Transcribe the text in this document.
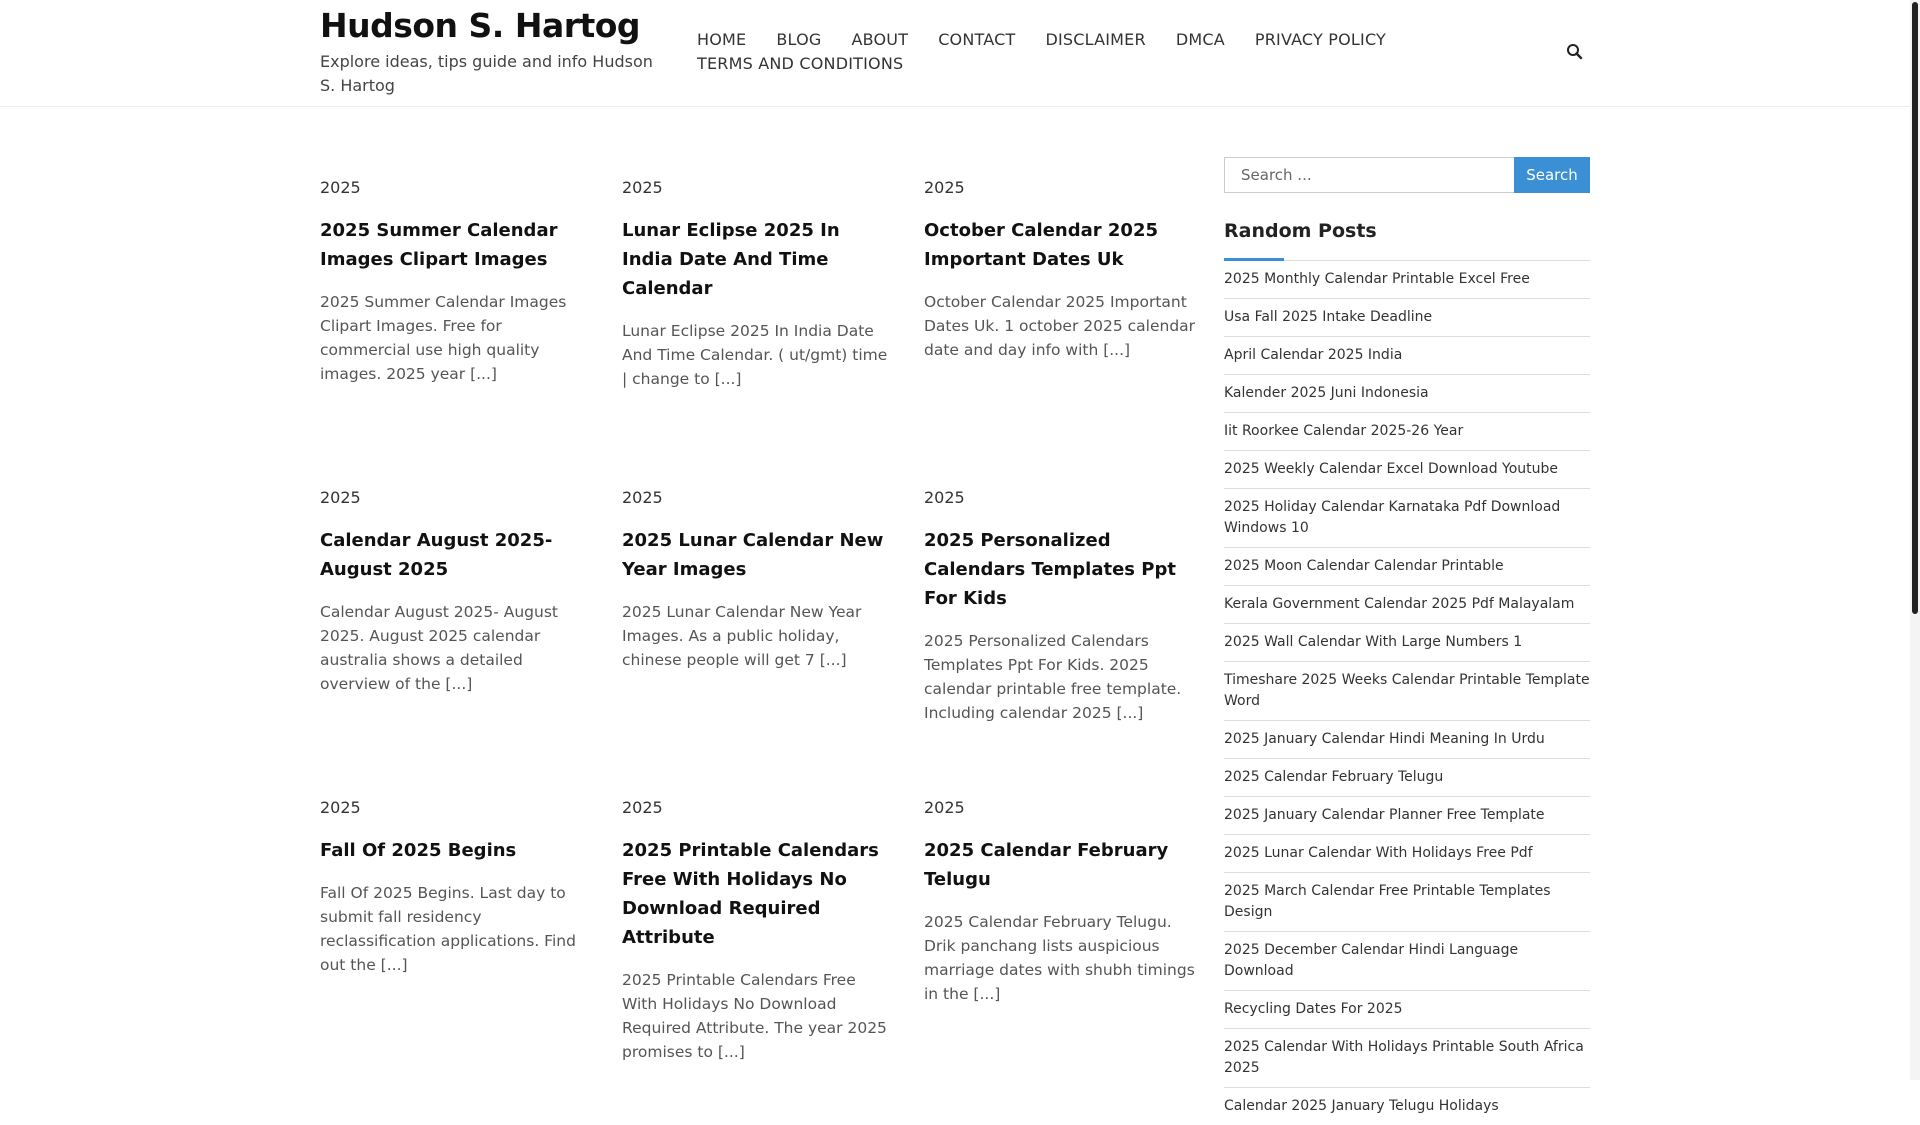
Hudson S. Hartog
Explore ideas, tips guide and info Hudson S. Hartog
HOME BLOG ABOUT CONTACT DISCLAIMER DMCA PRIVACY POLICY
TERMS AND CONDITIONS
2025
2025 Summer Calendar Images Clipart Images

2025 Summer Calendar Images Clipart Images. Free for commercial use high quality images. 2025 year [...]

2025
Lunar Eclipse 2025 In India Date And Time Calendar

Lunar Eclipse 2025 In India Date And Time Calendar. ( ut/gmt) time | change to [...]

2025
October Calendar 2025 Important Dates Uk

October Calendar 2025 Important Dates Uk. 1 october 2025 calendar date and day info with [...]

2025
Calendar August 2025- August 2025

Calendar August 2025- August 2025. August 2025 calendar australia shows a detailed overview of the [...]

2025
2025 Lunar Calendar New Year Images

2025 Lunar Calendar New Year Images. As a public holiday, chinese people will get 7 [...]

2025
2025 Personalized Calendars Templates Ppt For Kids

2025 Personalized Calendars Templates Ppt For Kids. 2025 calendar printable free template. Including calendar 2025 [...]

2025
Fall Of 2025 Begins

Fall Of 2025 Begins. Last day to submit fall residency reclassification applications. Find out the [...]

2025
2025 Printable Calendars Free With Holidays No Download Required Attribute

2025 Printable Calendars Free With Holidays No Download Required Attribute. The year 2025 promises to [...]

2025
2025 Calendar February Telugu

2025 Calendar February Telugu. Drik panchang lists auspicious marriage dates with shubh timings in the [...]

Search ...
Search
Random Posts
2025 Monthly Calendar Printable Excel Free
Usa Fall 2025 Intake Deadline
April Calendar 2025 India
Kalender 2025 Juni Indonesia
Iit Roorkee Calendar 2025-26 Year
2025 Weekly Calendar Excel Download Youtube
2025 Holiday Calendar Karnataka Pdf Download Windows 10
2025 Moon Calendar Calendar Printable
Kerala Government Calendar 2025 Pdf Malayalam
2025 Wall Calendar With Large Numbers 1
Timeshare 2025 Weeks Calendar Printable Template Word
2025 January Calendar Hindi Meaning In Urdu
2025 Calendar February Telugu
2025 January Calendar Planner Free Template
2025 Lunar Calendar With Holidays Free Pdf
2025 March Calendar Free Printable Templates Design
2025 December Calendar Hindi Language Download
Recycling Dates For 2025
2025 Calendar With Holidays Printable South Africa 2025
Calendar 2025 January Telugu Holidays
